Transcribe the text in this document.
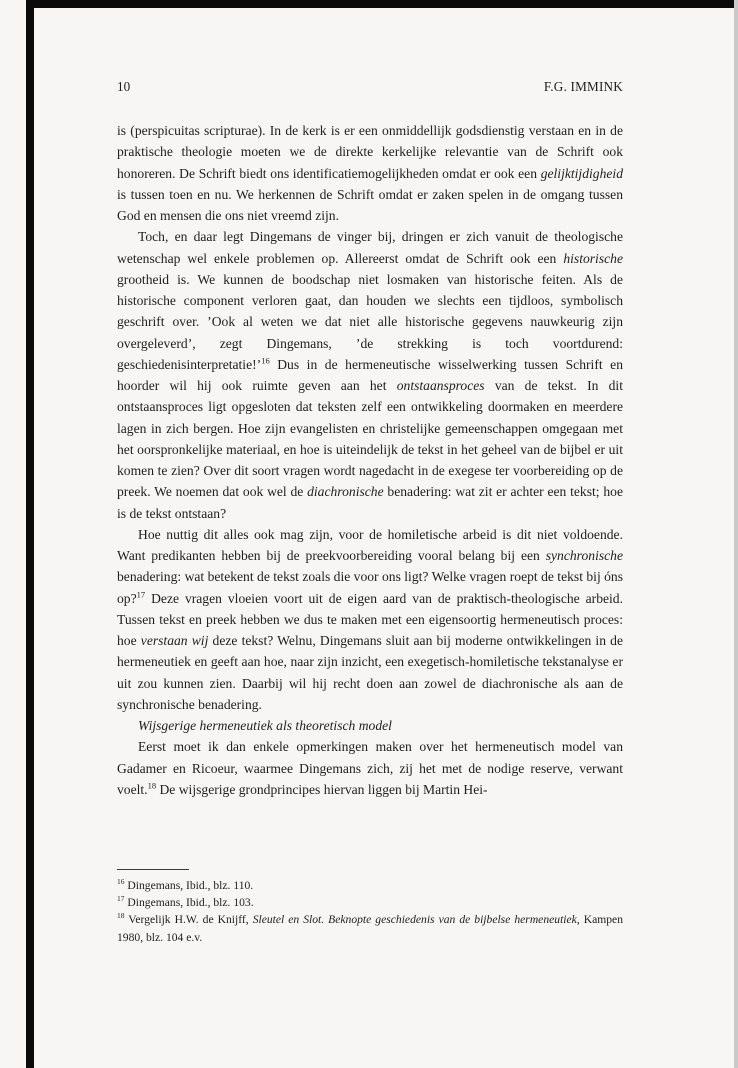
10	F.G. IMMINK

is (perspicuitas scripturae). In de kerk is er een onmiddellijk godsdienstig verstaan en in de praktische theologie moeten we de direkte kerkelijke relevantie van de Schrift ook honoreren. De Schrift biedt ons identificatiemogelijkheden omdat er ook een gelijktijdigheid is tussen toen en nu. We herkennen de Schrift omdat er zaken spelen in de omgang tussen God en mensen die ons niet vreemd zijn.

Toch, en daar legt Dingemans de vinger bij, dringen er zich vanuit de theologische wetenschap wel enkele problemen op. Allereerst omdat de Schrift ook een historische grootheid is. We kunnen de boodschap niet losmaken van historische feiten. Als de historische component verloren gaat, dan houden we slechts een tijdloos, symbolisch geschrift over. ’Ook al weten we dat niet alle historische gegevens nauwkeurig zijn overgeleverd’, zegt Dingemans, ’de strekking is toch voortdurend: geschiedenisinterpretatie!’$^{16}$ Dus in de hermeneutische wisselwerking tussen Schrift en hoorder wil hij ook ruimte geven aan het ontstaansproces van de tekst. In dit ontstaansproces ligt opgesloten dat teksten zelf een ontwikkeling doormaken en meerdere lagen in zich bergen. Hoe zijn evangelisten en christelijke gemeenschappen omgegaan met het oorspronkelijke materiaal, en hoe is uiteindelijk de tekst in het geheel van de bijbel er uit komen te zien? Over dit soort vragen wordt nagedacht in de exegese ter voorbereiding op de preek. We noemen dat ook wel de diachronische benadering: wat zit er achter een tekst; hoe is de tekst ontstaan?

Hoe nuttig dit alles ook mag zijn, voor de homiletische arbeid is dit niet voldoende. Want predikanten hebben bij de preekvoorbereiding vooral belang bij een synchronische benadering: wat betekent de tekst zoals die voor ons ligt? Welke vragen roept de tekst bij óns op?$^{17}$ Deze vragen vloeien voort uit de eigen aard van de praktisch-theologische arbeid. Tussen tekst en preek hebben we dus te maken met een eigensoortig hermeneutisch proces: hoe verstaan wij deze tekst? Welnu, Dingemans sluit aan bij moderne ontwikkelingen in de hermeneutiek en geeft aan hoe, naar zijn inzicht, een exegetisch-homiletische tekstanalyse er uit zou kunnen zien. Daarbij wil hij recht doen aan zowel de diachronische als aan de synchronische benadering.

Wijsgerige hermeneutiek als theoretisch model

Eerst moet ik dan enkele opmerkingen maken over het hermeneutisch model van Gadamer en Ricoeur, waarmee Dingemans zich, zij het met de nodige reserve, verwant voelt.$^{18}$ De wijsgerige grondprincipes hiervan liggen bij Martin Hei-

$^{16}$ Dingemans, Ibid., blz. 110.

$^{17}$ Dingemans, Ibid., blz. 103.

$^{18}$ Vergelijk H.W. de Knijff, Sleutel en Slot. Beknopte geschiedenis van de bijbelse hermeneutiek, Kampen 1980, blz. 104 e.v.
